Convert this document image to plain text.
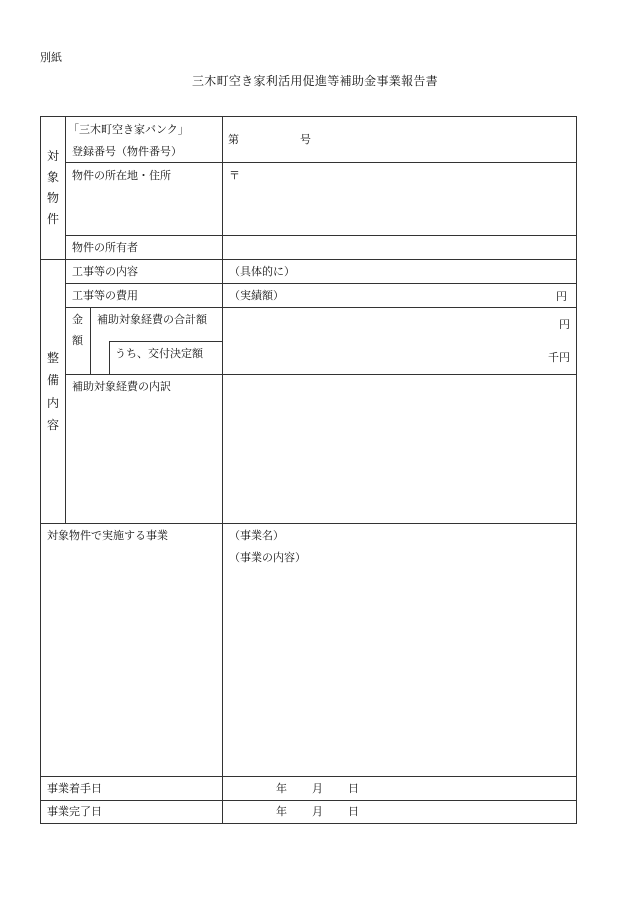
別紙
三木町空き家利活用促進等補助金事業報告書
対
象
物
件
「三木町空き家バンク」
登録番号（物件番号）
第	号
物件の所在地・住所	〒
物件の所有者
整
備
内
容
工事等の内容	（具体的に）
工事等の費用	（実績額）	円
金
額
補助対象経費の合計額	円
うち、交付決定額	千円
補助対象経費の内訳
対象物件で実施する事業	（事業名）
（事業の内容）
事業着手日	年 月 日
事業完了日	年 月 日
